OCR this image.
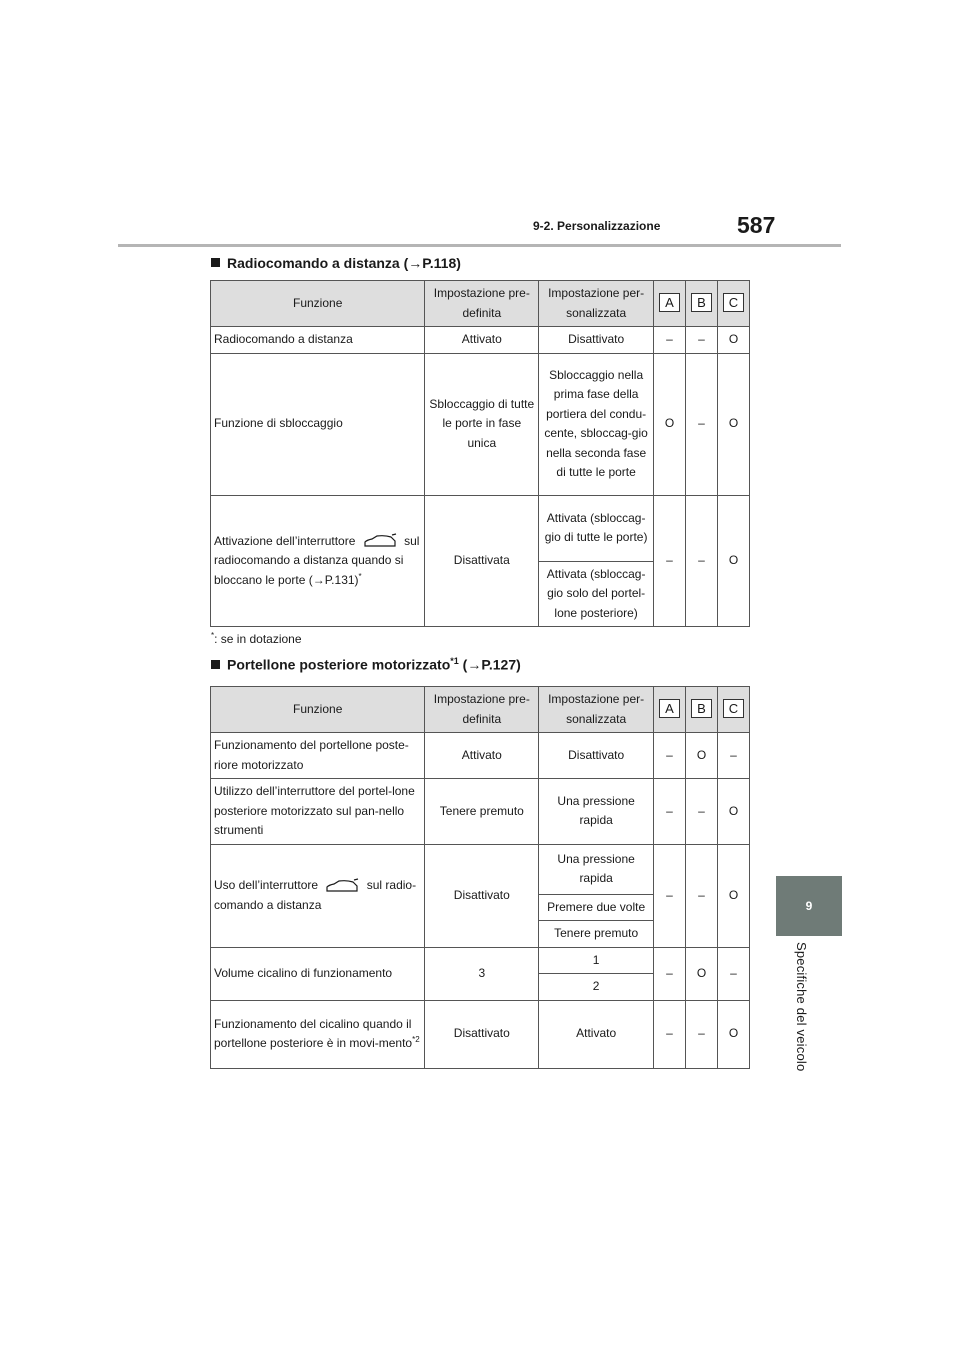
9-2. Personalizzazione	587
9
Specifiche del veicolo
Radiocomando a distanza (→P.118)
Funzione	Impostazione pre-definita	Impostazione per-sonalizzata	A	B	C
Radiocomando a distanza	Attivato	Disattivato	–	–	O
Funzione di sbloccaggio	Sbloccaggio di tutte le porte in fase unica	Sbloccaggio nella prima fase della portiera del condu-cente, sbloccag-gio nella seconda fase di tutte le porte	O	–	O
Attivazione dell’interruttore sul radiocomando a distanza quando si bloccano le porte (→P.131)*	Disattivata	Attivata (sbloccag-gio di tutte le porte)	–	–	O
		Attivata (sbloccag-gio solo del portel-lone posteriore)			
*: se in dotazione
Portellone posteriore motorizzato$^{*1}$ (→P.127)
Funzione	Impostazione pre-definita	Impostazione per-sonalizzata	A	B	C
Funzionamento del portellone poste-riore motorizzato	Attivato	Disattivato	–	O	–
Utilizzo dell’interruttore del portel-lone posteriore motorizzato sul pan-nello strumenti	Tenere premuto	Una pressione rapida	–	–	O
Uso dell’interruttore sul radio-comando a distanza	Disattivato	Una pressione rapida	–	–	O
		Premere due volte			
		Tenere premuto			
Volume cicalino di funzionamento	3	1	–	O	–
		2			
Funzionamento del cicalino quando il portellone posteriore è in movi-mento$^{*2}$	Disattivato	Attivato	–	–	O
